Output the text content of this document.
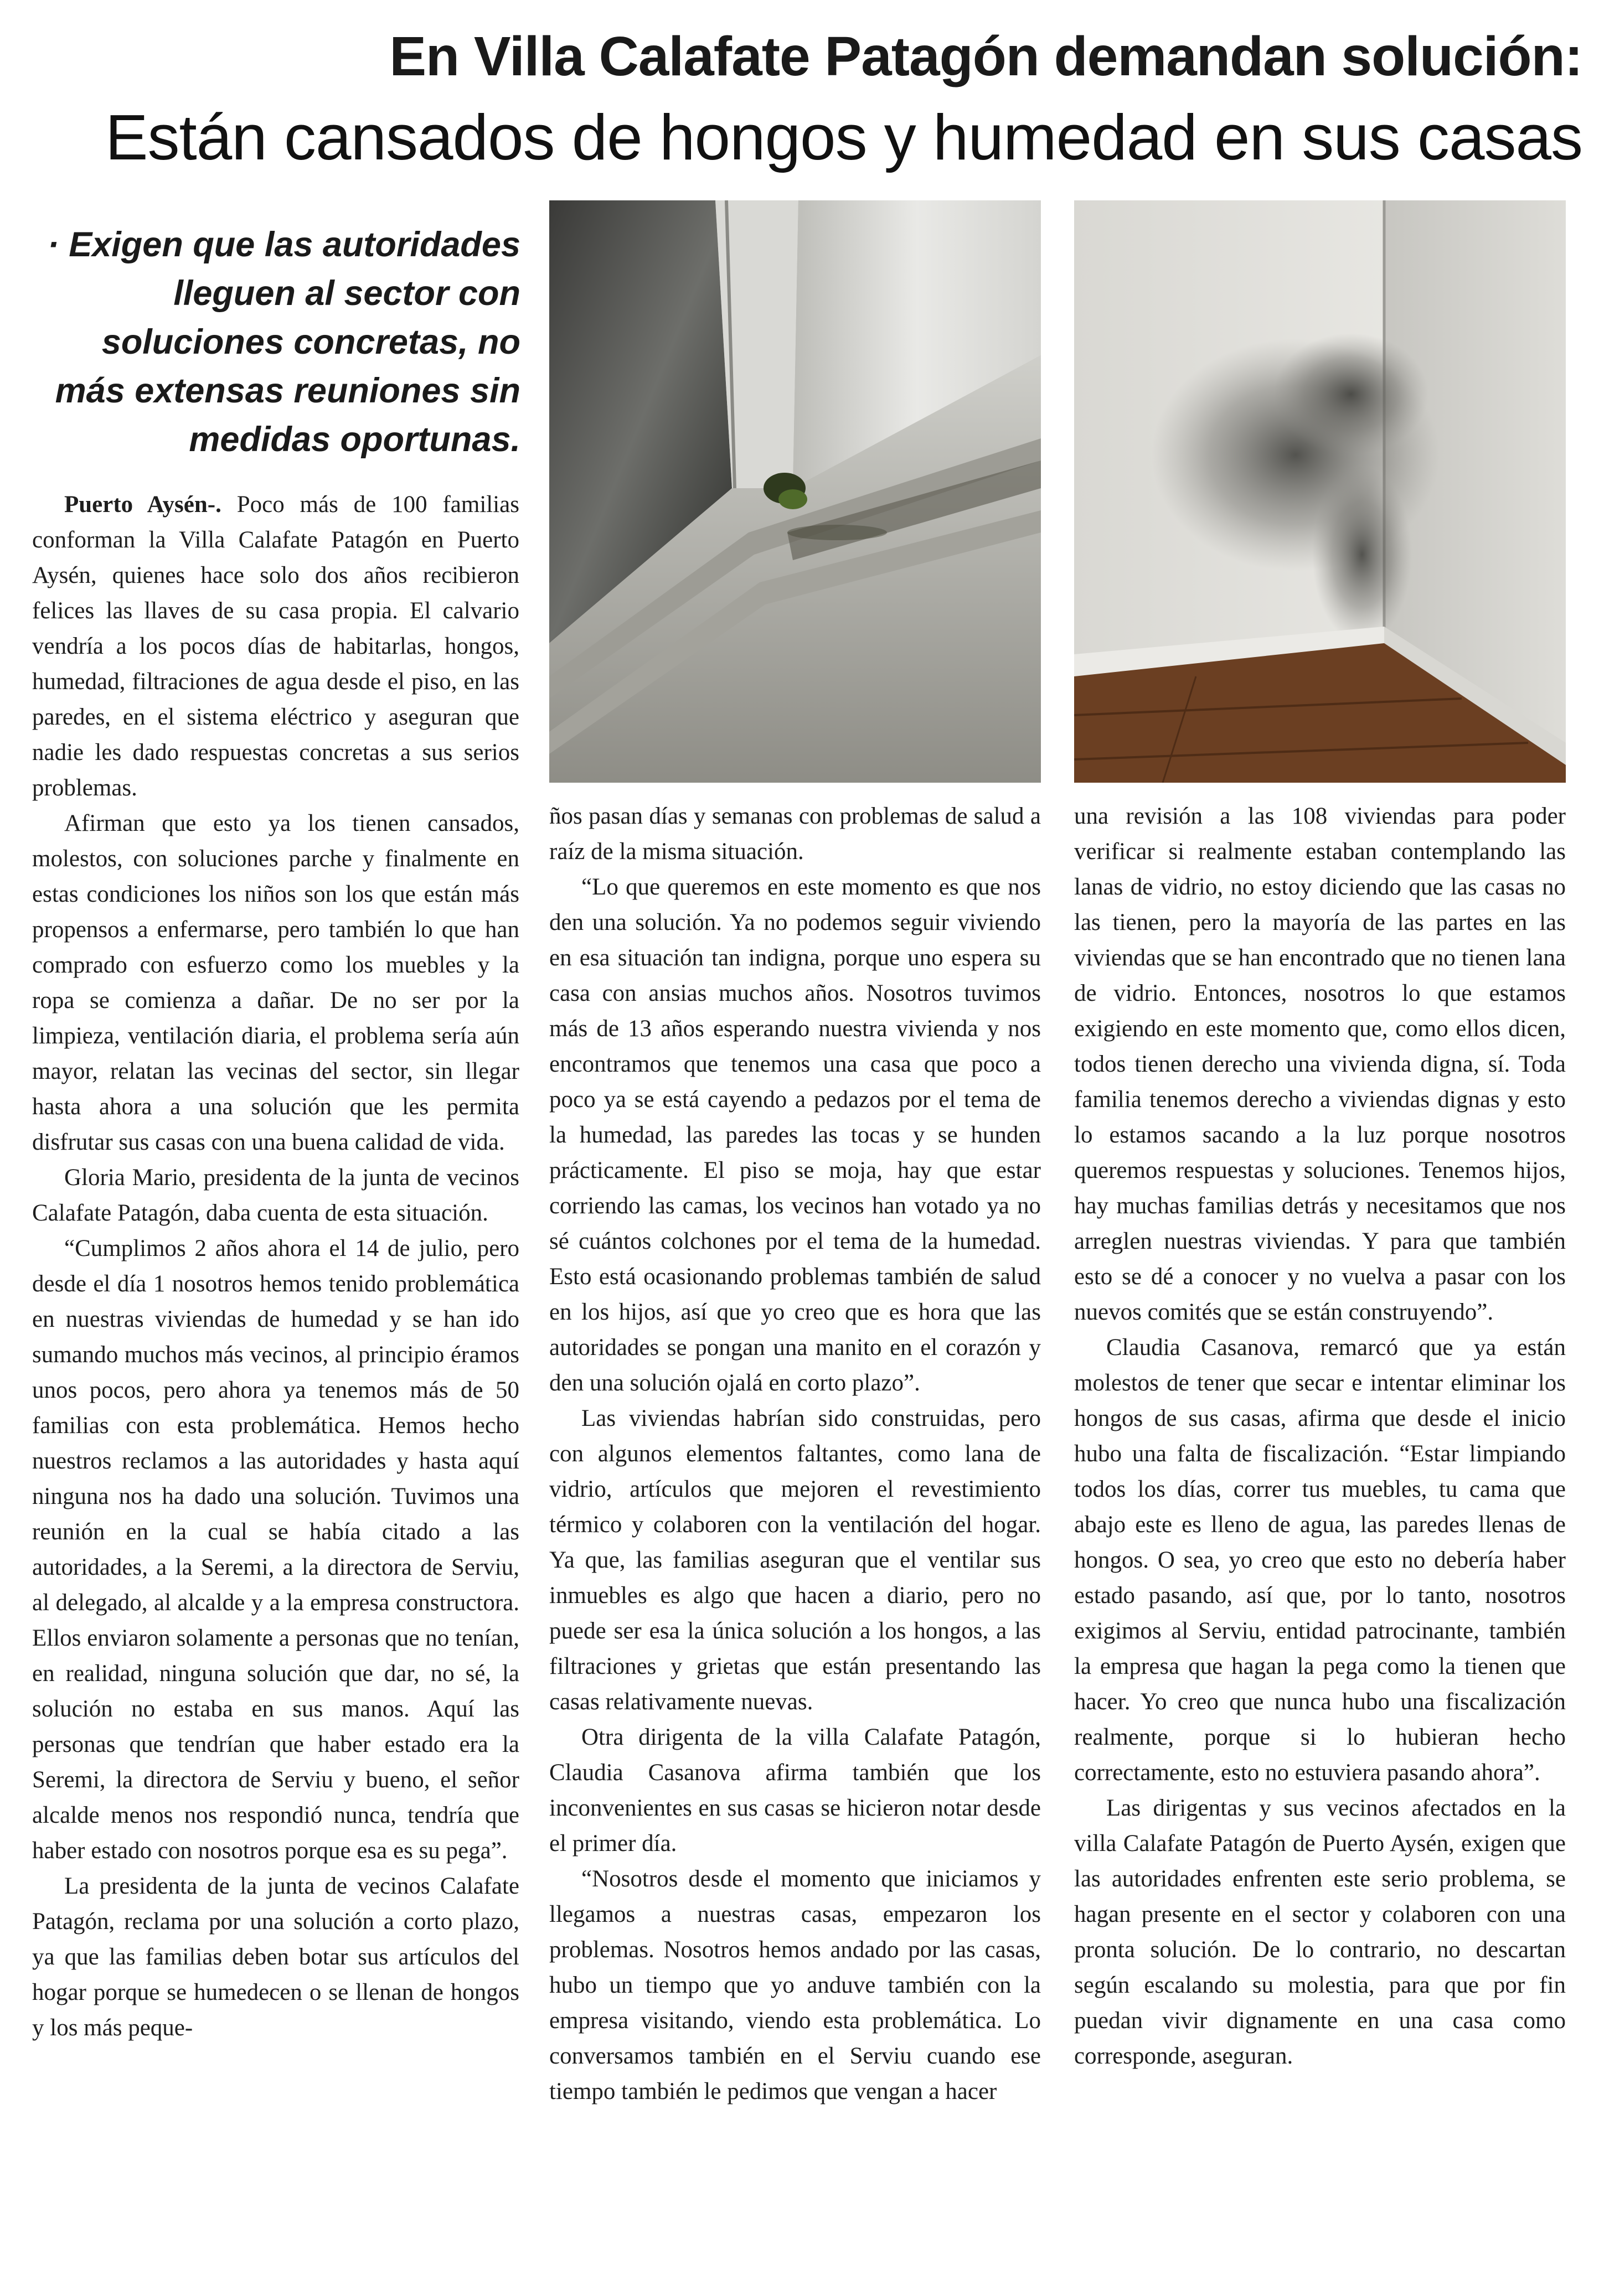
En Villa Calafate Patagón demandan solución:
Están cansados de hongos y humedad en sus casas
· Exigen que las autoridades lleguen al sector con soluciones concretas, no más extensas reuniones sin medidas oportunas.

Puerto Aysén-. Poco más de 100 familias conforman la Villa Calafate Patagón en Puerto Aysén, quienes hace solo dos años recibieron felices las llaves de su casa propia. El calvario vendría a los pocos días de habitarlas, hongos, humedad, filtraciones de agua desde el piso, en las paredes, en el sistema eléctrico y aseguran que nadie les dado respuestas concretas a sus serios problemas.

Afirman que esto ya los tienen cansados, molestos, con soluciones parche y finalmente en estas condiciones los niños son los que están más propensos a enfermarse, pero también lo que han comprado con esfuerzo como los muebles y la ropa se comienza a dañar. De no ser por la limpieza, ventilación diaria, el problema sería aún mayor, relatan las vecinas del sector, sin llegar hasta ahora a una solución que les permita disfrutar sus casas con una buena calidad de vida.

Gloria Mario, presidenta de la junta de vecinos Calafate Patagón, daba cuenta de esta situación.

“Cumplimos 2 años ahora el 14 de julio, pero desde el día 1 nosotros hemos tenido problemática en nuestras viviendas de humedad y se han ido sumando muchos más vecinos, al principio éramos unos pocos, pero ahora ya tenemos más de 50 familias con esta problemática. Hemos hecho nuestros reclamos a las autoridades y hasta aquí ninguna nos ha dado una solución. Tuvimos una reunión en la cual se había citado a las autoridades, a la Seremi, a la directora de Serviu, al delegado, al alcalde y a la empresa constructora. Ellos enviaron solamente a personas que no tenían, en realidad, ninguna solución que dar, no sé, la solución no estaba en sus manos. Aquí las personas que tendrían que haber estado era la Seremi, la directora de Serviu y bueno, el señor alcalde menos nos respondió nunca, tendría que haber estado con nosotros porque esa es su pega”.

La presidenta de la junta de vecinos Calafate Patagón, reclama por una solución a corto plazo, ya que las familias deben botar sus artículos del hogar porque se humedecen o se llenan de hongos y los más peque-

ños pasan días y semanas con problemas de salud a raíz de la misma situación.

“Lo que queremos en este momento es que nos den una solución. Ya no podemos seguir viviendo en esa situación tan indigna, porque uno espera su casa con ansias muchos años. Nosotros tuvimos más de 13 años esperando nuestra vivienda y nos encontramos que tenemos una casa que poco a poco ya se está cayendo a pedazos por el tema de la humedad, las paredes las tocas y se hunden prácticamente. El piso se moja, hay que estar corriendo las camas, los vecinos han votado ya no sé cuántos colchones por el tema de la humedad. Esto está ocasionando problemas también de salud en los hijos, así que yo creo que es hora que las autoridades se pongan una manito en el corazón y den una solución ojalá en corto plazo”.

Las viviendas habrían sido construidas, pero con algunos elementos faltantes, como lana de vidrio, artículos que mejoren el revestimiento térmico y colaboren con la ventilación del hogar. Ya que, las familias aseguran que el ventilar sus inmuebles es algo que hacen a diario, pero no puede ser esa la única solución a los hongos, a las filtraciones y grietas que están presentando las casas relativamente nuevas.

Otra dirigenta de la villa Calafate Patagón, Claudia Casanova afirma también que los inconvenientes en sus casas se hicieron notar desde el primer día.

“Nosotros desde el momento que iniciamos y llegamos a nuestras casas, empezaron los problemas. Nosotros hemos andado por las casas, hubo un tiempo que yo anduve también con la empresa visitando, viendo esta problemática. Lo conversamos también en el Serviu cuando ese tiempo también le pedimos que vengan a hacer

una revisión a las 108 viviendas para poder verificar si realmente estaban contemplando las lanas de vidrio, no estoy diciendo que las casas no las tienen, pero la mayoría de las partes en las viviendas que se han encontrado que no tienen lana de vidrio. Entonces, nosotros lo que estamos exigiendo en este momento que, como ellos dicen, todos tienen derecho una vivienda digna, sí. Toda familia tenemos derecho a viviendas dignas y esto lo estamos sacando a la luz porque nosotros queremos respuestas y soluciones. Tenemos hijos, hay muchas familias detrás y necesitamos que nos arreglen nuestras viviendas. Y para que también esto se dé a conocer y no vuelva a pasar con los nuevos comités que se están construyendo”.

Claudia Casanova, remarcó que ya están molestos de tener que secar e intentar eliminar los hongos de sus casas, afirma que desde el inicio hubo una falta de fiscalización. “Estar limpiando todos los días, correr tus muebles, tu cama que abajo este es lleno de agua, las paredes llenas de hongos. O sea, yo creo que esto no debería haber estado pasando, así que, por lo tanto, nosotros exigimos al Serviu, entidad patrocinante, también la empresa que hagan la pega como la tienen que hacer. Yo creo que nunca hubo una fiscalización realmente, porque si lo hubieran hecho correctamente, esto no estuviera pasando ahora”.

Las dirigentas y sus vecinos afectados en la villa Calafate Patagón de Puerto Aysén, exigen que las autoridades enfrenten este serio problema, se hagan presente en el sector y colaboren con una pronta solución. De lo contrario, no descartan según escalando su molestia, para que por fin puedan vivir dignamente en una casa como corresponde, aseguran.
